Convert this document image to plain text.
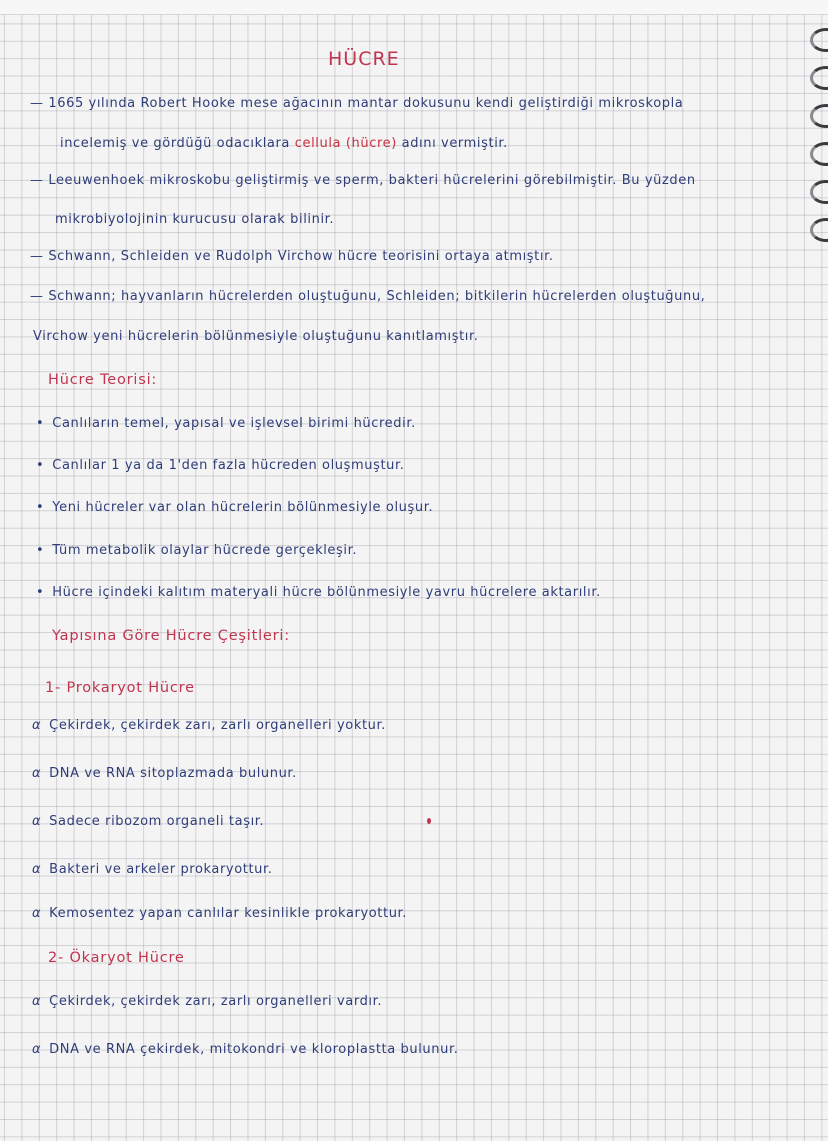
HÜCRE
— 1665 yılında Robert Hooke mese ağacının mantar dokusunu kendi geliştirdiği mikroskopla
incelemiş ve gördüğü odacıklara cellula (hücre) adını vermiştir.
— Leeuwenhoek mikroskobu geliştirmiş ve sperm, bakteri hücrelerini görebilmiştir. Bu yüzden
mikrobiyolojinin kurucusu olarak bilinir.
— Schwann, Schleiden ve Rudolph Virchow hücre teorisini ortaya atmıştır.
— Schwann; hayvanların hücrelerden oluştuğunu, Schleiden; bitkilerin hücrelerden oluştuğunu,
Virchow yeni hücrelerin bölünmesiyle oluştuğunu kanıtlamıştır.
Hücre Teorisi:
• Canlıların temel, yapısal ve işlevsel birimi hücredir.
• Canlılar 1 ya da 1'den fazla hücreden oluşmuştur.
• Yeni hücreler var olan hücrelerin bölünmesiyle oluşur.
• Tüm metabolik olaylar hücrede gerçekleşir.
• Hücre içindeki kalıtım materyali hücre bölünmesiyle yavru hücrelere aktarılır.
Yapısına Göre Hücre Çeşitleri:
1- Prokaryot Hücre
α Çekirdek, çekirdek zarı, zarlı organelleri yoktur.
α DNA ve RNA sitoplazmada bulunur.
α Sadece ribozom organeli taşır.
α Bakteri ve arkeler prokaryottur.
α Kemosentez yapan canlılar kesinlikle prokaryottur.
2- Ökaryot Hücre
α Çekirdek, çekirdek zarı, zarlı organelleri vardır.
α DNA ve RNA çekirdek, mitokondri ve kloroplastta bulunur.
